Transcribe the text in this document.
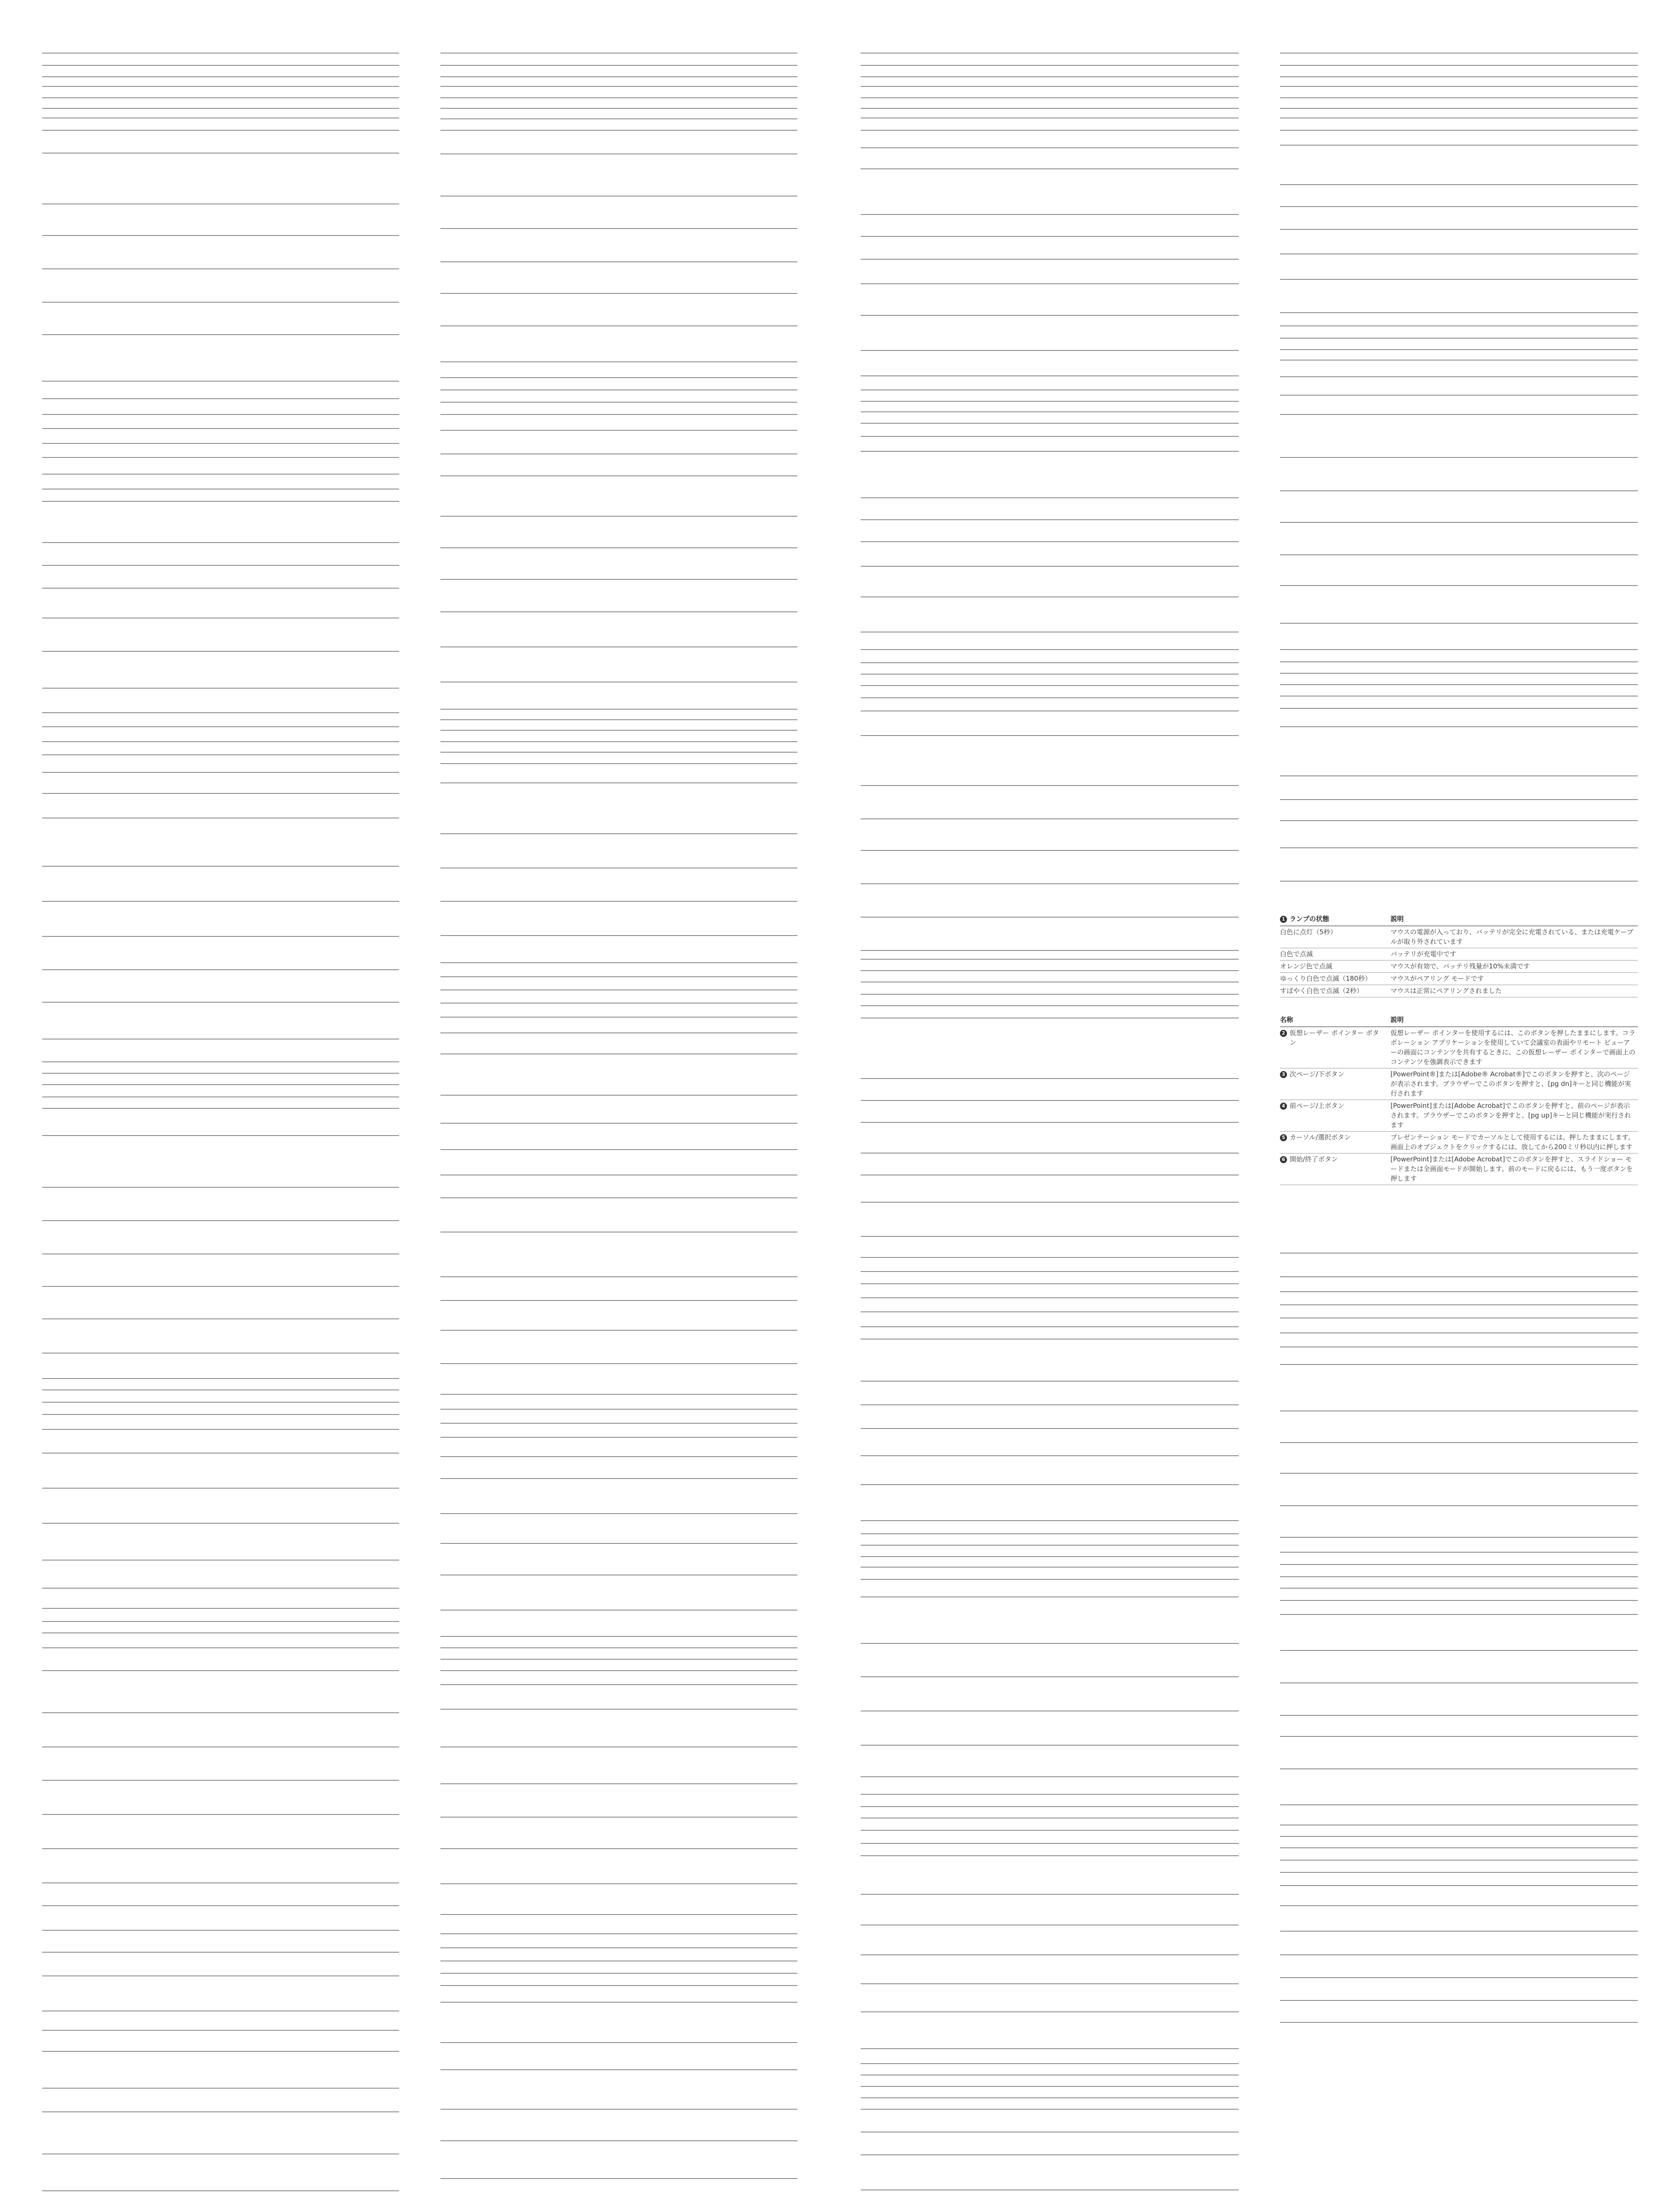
1 ランプの状態	説明
白色に点灯（5秒）	マウスの電源が入っており、バッテリが完全に充電されている、または充電ケーブルが取り外されています
白色で点滅	バッテリが充電中です
オレンジ色で点滅	マウスが有効で、バッテリ残量が10%未満です
ゆっくり白色で点滅（180秒）	マウスがペアリング モードです
すばやく白色で点滅（2秒）	マウスは正常にペアリングされました
名称	説明
2 仮想レーザー ポインター ボタン	仮想レーザー ポインターを使用するには、このボタンを押したままにします。コラボレーション アプリケーションを使用していて会議室の表面やリモート ビューアーの画面にコンテンツを共有するときに、この仮想レーザー ポインターで画面上のコンテンツを強調表示できます
3 次ページ/下ボタン	[PowerPoint®]または[Adobe® Acrobat®]でこのボタンを押すと、次のページが表示されます。ブラウザーでこのボタンを押すと、[pg dn]キーと同じ機能が実行されます
4 前ページ/上ボタン	[PowerPoint]または[Adobe Acrobat]でこのボタンを押すと、前のページが表示されます。ブラウザーでこのボタンを押すと、[pg up]キーと同じ機能が実行されます
5 カーソル/選択ボタン	プレゼンテーション モードでカーソルとして使用するには、押したままにします。画面上のオブジェクトをクリックするには、放してから200ミリ秒以内に押します
6 開始/終了ボタン	[PowerPoint]または[Adobe Acrobat]でこのボタンを押すと、スライドショー モードまたは全画面モードが開始します。前のモードに戻るには、もう一度ボタンを押します
